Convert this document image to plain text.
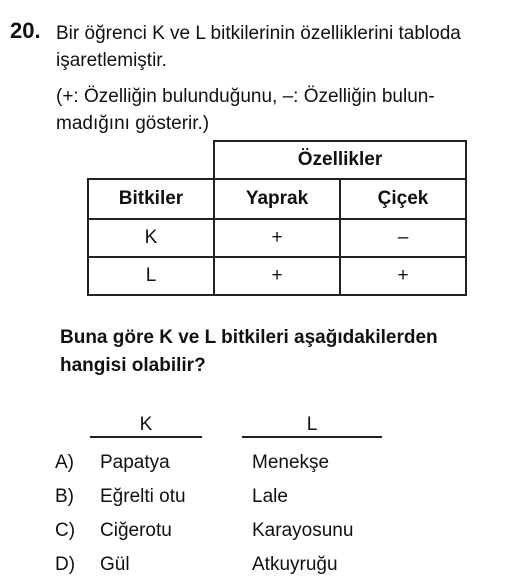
20. Bir öğrenci K ve L bitkilerinin özelliklerini tabloda
işaretlemiştir.
(+: Özelliğin bulunduğunu, –: Özelliğin bulun-
madığını gösterir.)
	Özellikler	
Bitkiler	Yaprak	Çiçek
K	+	–
L	+	+
Buna göre K ve L bitkileri aşağıdakilerden
hangisi olabilir?
K	L
A) Papatya	Menekşe
B) Eğrelti otu	Lale
C) Ciğerotu	Karayosunu
D) Gül	Atkuyruğu
